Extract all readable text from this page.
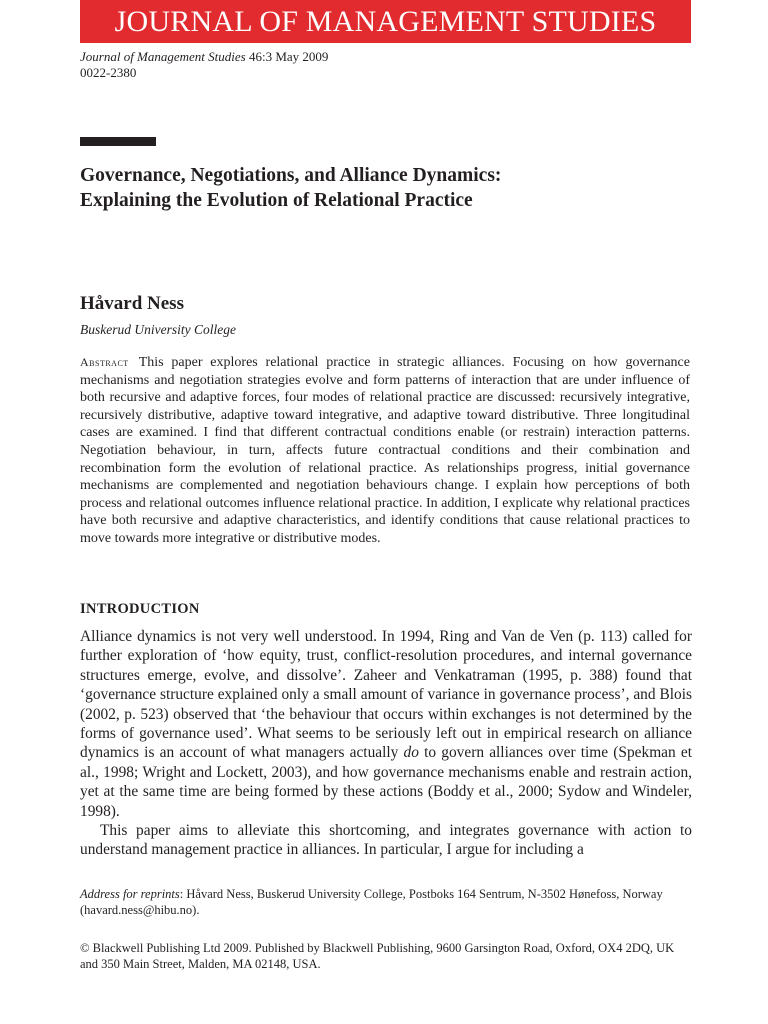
JOURNAL OF MANAGEMENT STUDIES
Journal of Management Studies 46:3 May 2009
0022-2380
Governance, Negotiations, and Alliance Dynamics:
Explaining the Evolution of Relational Practice
Håvard Ness
Buskerud University College
Abstract This paper explores relational practice in strategic alliances. Focusing on how governance mechanisms and negotiation strategies evolve and form patterns of interaction that are under influence of both recursive and adaptive forces, four modes of relational practice are discussed: recursively integrative, recursively distributive, adaptive toward integrative, and adaptive toward distributive. Three longitudinal cases are examined. I find that different contractual conditions enable (or restrain) interaction patterns. Negotiation behaviour, in turn, affects future contractual conditions and their combination and recombination form the evolution of relational practice. As relationships progress, initial governance mechanisms are complemented and negotiation behaviours change. I explain how perceptions of both process and relational outcomes influence relational practice. In addition, I explicate why relational practices have both recursive and adaptive characteristics, and identify conditions that cause relational practices to move towards more integrative or distributive modes.
INTRODUCTION

Alliance dynamics is not very well understood. In 1994, Ring and Van de Ven (p. 113) called for further exploration of ‘how equity, trust, conflict-resolution procedures, and internal governance structures emerge, evolve, and dissolve’. Zaheer and Venkatraman (1995, p. 388) found that ‘governance structure explained only a small amount of variance in governance process’, and Blois (2002, p. 523) observed that ‘the behaviour that occurs within exchanges is not determined by the forms of governance used’. What seems to be seriously left out in empirical research on alliance dynamics is an account of what managers actually do to govern alliances over time (Spekman et al., 1998; Wright and Lockett, 2003), and how governance mechanisms enable and restrain action, yet at the same time are being formed by these actions (Boddy et al., 2000; Sydow and Windeler, 1998).

This paper aims to alleviate this shortcoming, and integrates governance with action to understand management practice in alliances. In particular, I argue for including a

Address for reprints: Håvard Ness, Buskerud University College, Postboks 164 Sentrum, N-3502 Hønefoss, Norway (havard.ness@hibu.no).
© Blackwell Publishing Ltd 2009. Published by Blackwell Publishing, 9600 Garsington Road, Oxford, OX4 2DQ, UK and 350 Main Street, Malden, MA 02148, USA.
